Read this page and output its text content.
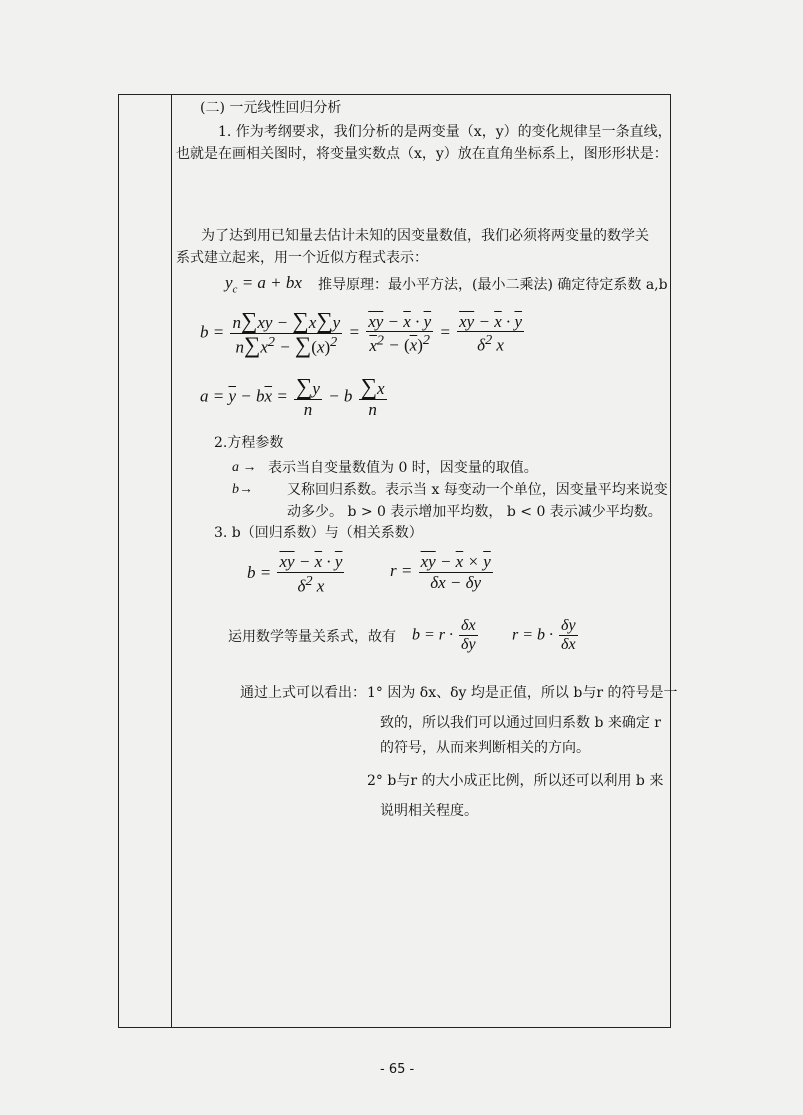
(二) 一元线性回归分析
1. 作为考纲要求，我们分析的是两变量（x，y）的变化规律呈一条直线，
也就是在画相关图时，将变量实数点（x，y）放在直角坐标系上，图形形状是：
为了达到用已知量去估计未知的因变量数值，我们必须将两变量的数学关
系式建立起来，用一个近似方程式表示：
$y_c = a$ + bx 推导原理：最小平方法，(最小二乘法) 确定待定系数 a,b
$b = \frac{n\sum xy - \sum x\sum y}{n\sum x^2 - \sum(x)^2} = \frac{\overline{xy} - \overline{x} \cdot \overline{y}}{x^2 - (\overline{x})^2} = \frac{\overline{xy} - \overline{x} \cdot \overline{y}}{\delta^2 x}$
$a = \overline{y} - b\overline{x} = \frac{\sum y}{n} - b \frac{\sum x}{n}$
2.方程参数
a → 表示当自变量数值为 0 时，因变量的取值。
b→ 又称回归系数。表示当 x 每变动一个单位，因变量平均来说变
动多少。 b > 0 表示增加平均数， b < 0 表示减少平均数。
3. b（回归系数）与（相关系数）
$b = \frac{\overline{xy} - \overline{x} \cdot \overline{y}}{\delta^2 x}$	$r = \frac{\overline{xy} - \overline{x} \times \overline{y}}{\delta x - \delta y}$
运用数学等量关系式，故有 $b = r \cdot \frac{\delta x}{\delta y}$ $r = b \cdot \frac{\delta y}{\delta x}$
通过上式可以看出： 1° 因为 δx、δy 均是正值，所以 b与r 的符号是一
致的，所以我们可以通过回归系数 b 来确定 r
的符号，从而来判断相关的方向。
2° b与r 的大小成正比例，所以还可以利用 b 来
说明相关程度。
- 65 -
